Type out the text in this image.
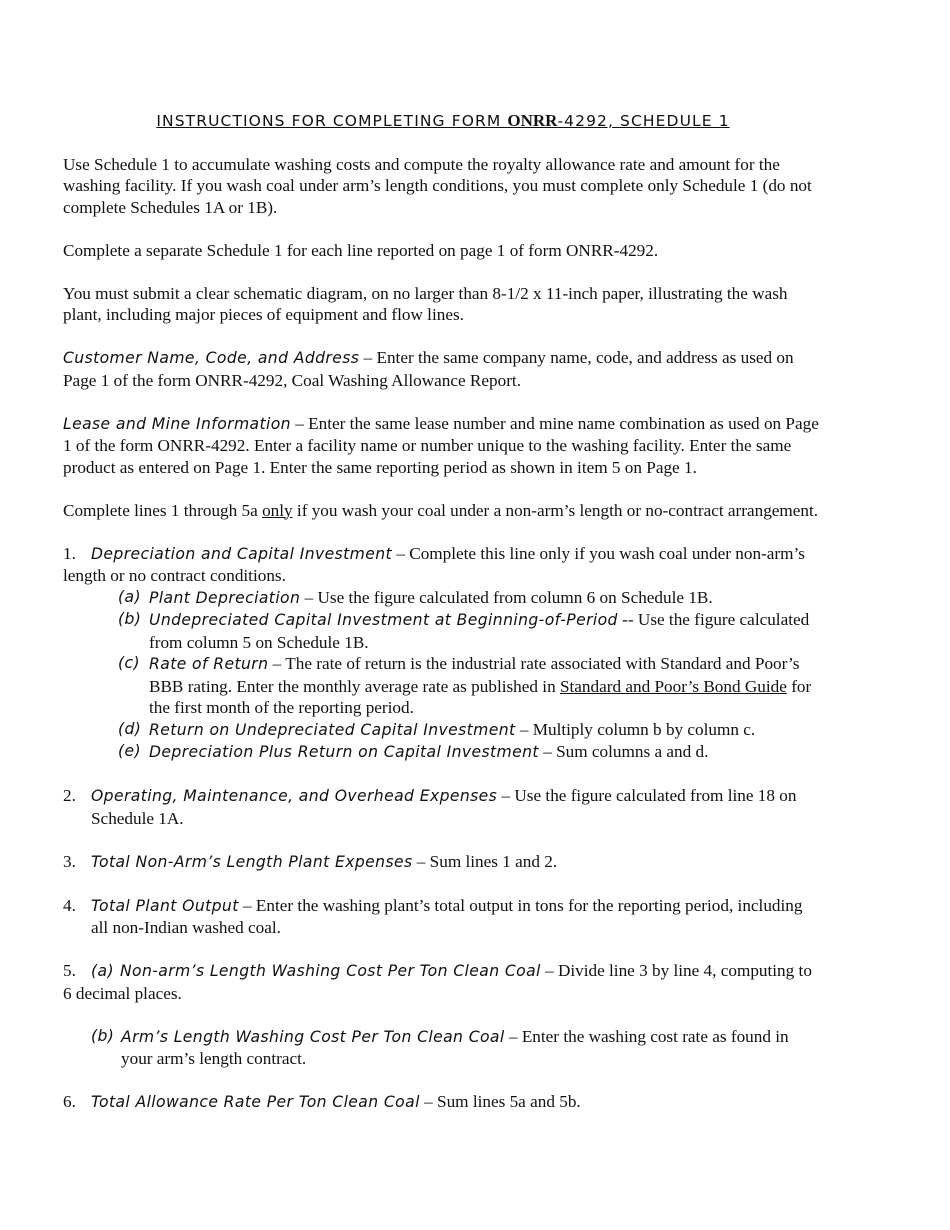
INSTRUCTIONS FOR COMPLETING FORM ONRR-4292, SCHEDULE 1

Use Schedule 1 to accumulate washing costs and compute the royalty allowance rate and amount for the washing facility. If you wash coal under arm’s length conditions, you must complete only Schedule 1 (do not complete Schedules 1A or 1B).

Complete a separate Schedule 1 for each line reported on page 1 of form ONRR-4292.

You must submit a clear schematic diagram, on no larger than 8-1/2 x 11-inch paper, illustrating the wash plant, including major pieces of equipment and flow lines.

Customer Name, Code, and Address – Enter the same company name, code, and address as used on Page 1 of the form ONRR-4292, Coal Washing Allowance Report.

Lease and Mine Information – Enter the same lease number and mine name combination as used on Page 1 of the form ONRR-4292. Enter a facility name or number unique to the washing facility. Enter the same product as entered on Page 1. Enter the same reporting period as shown in item 5 on Page 1.

Complete lines 1 through 5a only if you wash your coal under a non-arm’s length or no-contract arrangement.

1. Depreciation and Capital Investment – Complete this line only if you wash coal under non-arm’s length or no contract conditions.
(a) Plant Depreciation – Use the figure calculated from column 6 on Schedule 1B.
(b) Undepreciated Capital Investment at Beginning-of-Period -- Use the figure calculated from column 5 on Schedule 1B.
(c) Rate of Return – The rate of return is the industrial rate associated with Standard and Poor’s BBB rating. Enter the monthly average rate as published in Standard and Poor’s Bond Guide for the first month of the reporting period.
(d) Return on Undepreciated Capital Investment – Multiply column b by column c.
(e) Depreciation Plus Return on Capital Investment – Sum columns a and d.
2. Operating, Maintenance, and Overhead Expenses – Use the figure calculated from line 18 on Schedule 1A.
3. Total Non-Arm’s Length Plant Expenses – Sum lines 1 and 2.
4. Total Plant Output – Enter the washing plant’s total output in tons for the reporting period, including all non-Indian washed coal.
5. (a) Non-arm’s Length Washing Cost Per Ton Clean Coal – Divide line 3 by line 4, computing to 6 decimal places.
(b) Arm’s Length Washing Cost Per Ton Clean Coal – Enter the washing cost rate as found in your arm’s length contract.
6. Total Allowance Rate Per Ton Clean Coal – Sum lines 5a and 5b.
